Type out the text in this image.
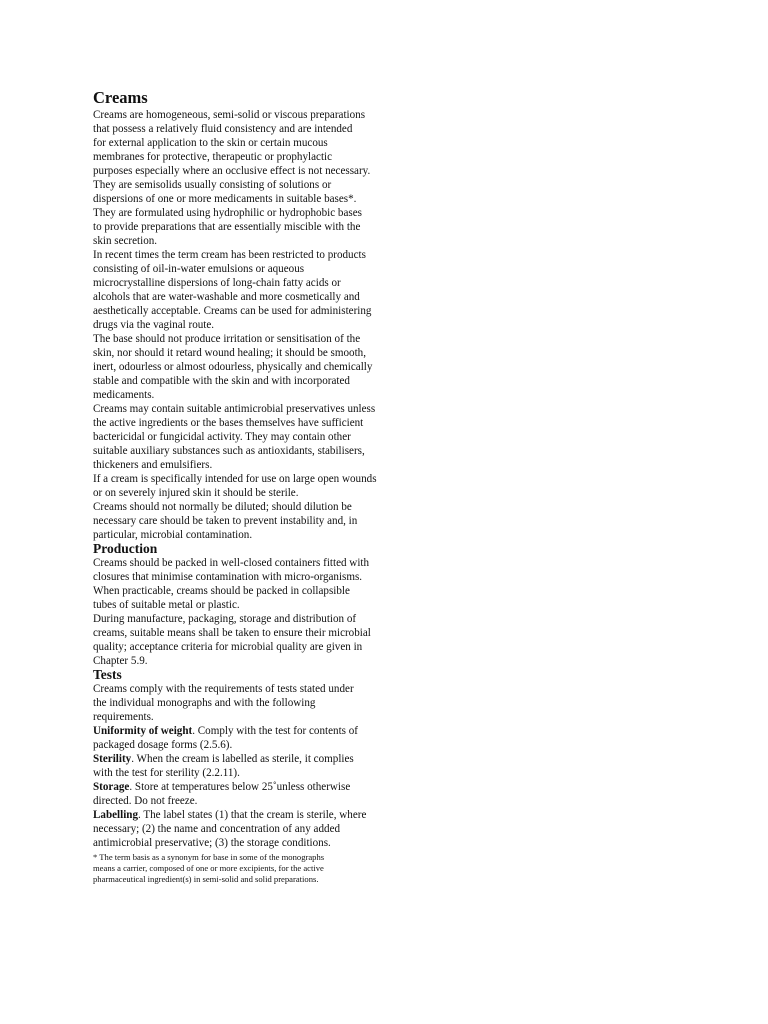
Creams

Creams are homogeneous, semi-solid or viscous preparations
that possess a relatively fluid consistency and are intended
for external application to the skin or certain mucous
membranes for protective, therapeutic or prophylactic
purposes especially where an occlusive effect is not necessary.

They are semisolids usually consisting of solutions or
dispersions of one or more medicaments in suitable bases*.

They are formulated using hydrophilic or hydrophobic bases
to provide preparations that are essentially miscible with the
skin secretion.

In recent times the term cream has been restricted to products
consisting of oil-in-water emulsions or aqueous
microcrystalline dispersions of long-chain fatty acids or
alcohols that are water-washable and more cosmetically and
aesthetically acceptable. Creams can be used for administering
drugs via the vaginal route.

The base should not produce irritation or sensitisation of the
skin, nor should it retard wound healing; it should be smooth,
inert, odourless or almost odourless, physically and chemically
stable and compatible with the skin and with incorporated
medicaments.

Creams may contain suitable antimicrobial preservatives unless
the active ingredients or the bases themselves have sufficient
bactericidal or fungicidal activity. They may contain other
suitable auxiliary substances such as antioxidants, stabilisers,
thickeners and emulsifiers.

If a cream is specifically intended for use on large open wounds
or on severely injured skin it should be sterile.

Creams should not normally be diluted; should dilution be
necessary care should be taken to prevent instability and, in
particular, microbial contamination.

Production

Creams should be packed in well-closed containers fitted with
closures that minimise contamination with micro-organisms.

When practicable, creams should be packed in collapsible
tubes of suitable metal or plastic.

During manufacture, packaging, storage and distribution of
creams, suitable means shall be taken to ensure their microbial
quality; acceptance criteria for microbial quality are given in
Chapter 5.9.

Tests

Creams comply with the requirements of tests stated under
the individual monographs and with the following
requirements.

Uniformity of weight. Comply with the test for contents of
packaged dosage forms (2.5.6).

Sterility. When the cream is labelled as sterile, it complies
with the test for sterility (2.2.11).

Storage. Store at temperatures below 25˚unless otherwise
directed. Do not freeze.

Labelling. The label states (1) that the cream is sterile, where
necessary; (2) the name and concentration of any added
antimicrobial preservative; (3) the storage conditions.

* The term basis as a synonym for base in some of the monographs
means a carrier, composed of one or more excipients, for the active
pharmaceutical ingredient(s) in semi-solid and solid preparations.
